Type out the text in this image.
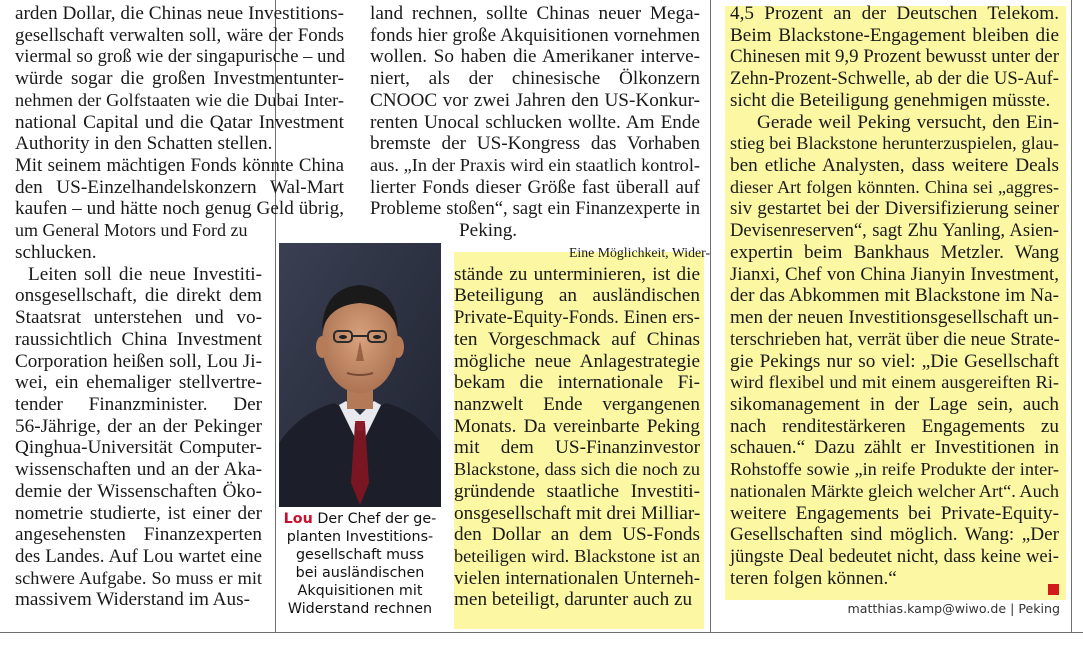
arden Dollar, die Chinas neue Investitions-
gesellschaft verwalten soll, wäre der Fonds
viermal so groß wie der singapurische – und
würde sogar die großen Investmentunter-
nehmen der Golfstaaten wie die Dubai Inter-
national Capital und die Qatar Investment
Authority in den Schatten stellen.
Mit seinem mächtigen Fonds könnte China
den US-Einzelhandelskonzern Wal-Mart
kaufen – und hätte noch genug Geld übrig,
um General Motors und Ford zu
schlucken.
Leiten soll die neue Investiti-
onsgesellschaft, die direkt dem
Staatsrat unterstehen und vo-
raussichtlich China Investment
Corporation heißen soll, Lou Ji-
wei, ein ehemaliger stellvertre-
tender Finanzminister. Der
56-Jährige, der an der Pekinger
Qinghua-Universität Computer-
wissenschaften und an der Aka-
demie der Wissenschaften Öko-
nometrie studierte, ist einer der
angesehensten Finanzexperten
des Landes. Auf Lou wartet eine
schwere Aufgabe. So muss er mit
massivem Widerstand im Aus-
land rechnen, sollte Chinas neuer Mega-
fonds hier große Akquisitionen vornehmen
wollen. So haben die Amerikaner interve-
niert, als der chinesische Ölkonzern
CNOOC vor zwei Jahren den US-Konkur-
renten Unocal schlucken wollte. Am Ende
bremste der US-Kongress das Vorhaben
aus. „In der Praxis wird ein staatlich kontrol-
lierter Fonds dieser Größe fast überall auf
Probleme stoßen“, sagt ein Finanzexperte in
Peking.
Eine Möglichkeit, Wider-
stände zu unterminieren, ist die
Beteiligung an ausländischen
Private-Equity-Fonds. Einen ers-
ten Vorgeschmack auf Chinas
mögliche neue Anlagestrategie
bekam die internationale Fi-
nanzwelt Ende vergangenen
Monats. Da vereinbarte Peking
mit dem US-Finanzinvestor
Blackstone, dass sich die noch zu
gründende staatliche Investiti-
onsgesellschaft mit drei Milliar-
den Dollar an dem US-Fonds
beteiligen wird. Blackstone ist an
vielen internationalen Unterneh-
men beteiligt, darunter auch zu
4,5 Prozent an der Deutschen Telekom.
Beim Blackstone-Engagement bleiben die
Chinesen mit 9,9 Prozent bewusst unter der
Zehn-Prozent-Schwelle, ab der die US-Auf-
sicht die Beteiligung genehmigen müsste.
Gerade weil Peking versucht, den Ein-
stieg bei Blackstone herunterzuspielen, glau-
ben etliche Analysten, dass weitere Deals
dieser Art folgen könnten. China sei „aggres-
siv gestartet bei der Diversifizierung seiner
Devisenreserven“, sagt Zhu Yanling, Asien-
expertin beim Bankhaus Metzler. Wang
Jianxi, Chef von China Jianyin Investment,
der das Abkommen mit Blackstone im Na-
men der neuen Investitionsgesellschaft un-
terschrieben hat, verrät über die neue Strate-
gie Pekings nur so viel: „Die Gesellschaft
wird flexibel und mit einem ausgereiften Ri-
sikomanagement in der Lage sein, auch
nach renditestärkeren Engagements zu
schauen.“ Dazu zählt er Investitionen in
Rohstoffe sowie „in reife Produkte der inter-
nationalen Märkte gleich welcher Art“. Auch
weitere Engagements bei Private-Equity-
Gesellschaften sind möglich. Wang: „Der
jüngste Deal bedeutet nicht, dass keine wei-
teren folgen können.“
Lou Der Chef der ge-
planten Investitions-
gesellschaft muss
bei ausländischen
Akquisitionen mit
Widerstand rechnen	matthias.kamp@wiwo.de | Peking
